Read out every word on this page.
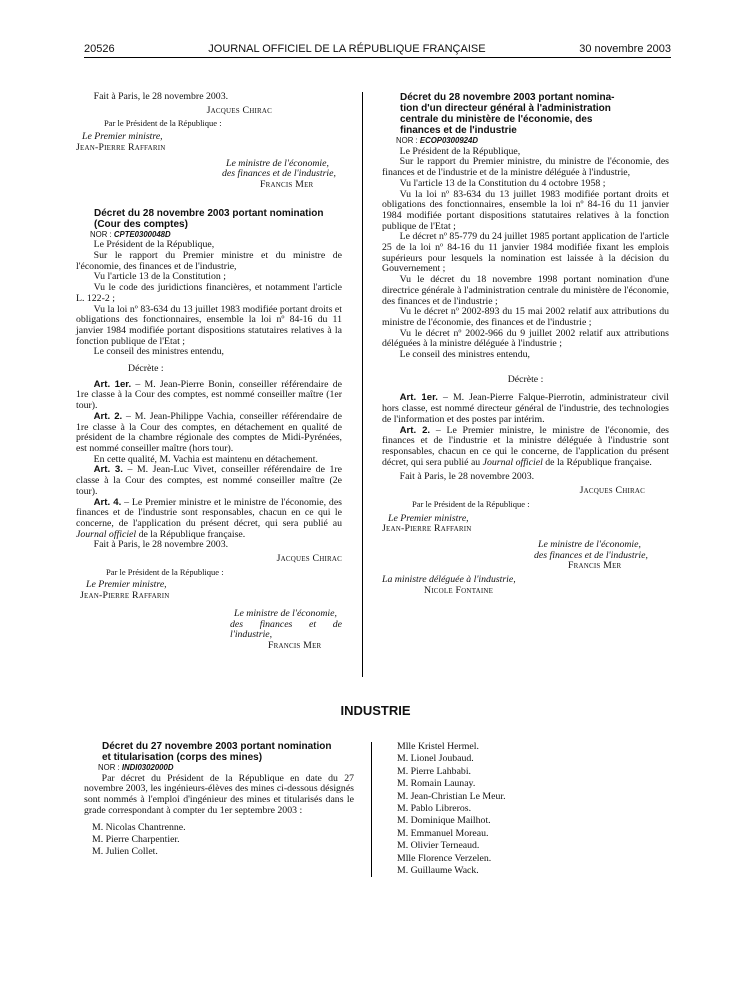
20526	JOURNAL OFFICIEL DE LA RÉPUBLIQUE FRANÇAISE	30 novembre 2003

Fait à Paris, le 28 novembre 2003.

Jacques Chirac

Par le Président de la République :

Le Premier ministre,

Jean-Pierre Raffarin

Le ministre de l'économie,

des finances et de l'industrie,

Francis Mer

Décret du 28 novembre 2003 portant nomination

(Cour des comptes)

NOR : CPTE0300048D

Le Président de la République,

Sur le rapport du Premier ministre et du ministre de l'économie, des finances et de l'industrie,

Vu l'article 13 de la Constitution ;

Vu le code des juridictions financières, et notamment l'article L. 122-2 ;

Vu la loi nº 83-634 du 13 juillet 1983 modifiée portant droits et obligations des fonctionnaires, ensemble la loi nº 84-16 du 11 janvier 1984 modifiée portant dispositions statutaires relatives à la fonction publique de l'Etat ;

Le conseil des ministres entendu,

Décrète :

Art. 1er. – M. Jean-Pierre Bonin, conseiller référendaire de 1re classe à la Cour des comptes, est nommé conseiller maître (1er tour).

Art. 2. – M. Jean-Philippe Vachia, conseiller référendaire de 1re classe à la Cour des comptes, en détachement en qualité de président de la chambre régionale des comptes de Midi-Pyrénées, est nommé conseiller maître (hors tour).

En cette qualité, M. Vachia est maintenu en détachement.

Art. 3. – M. Jean-Luc Vivet, conseiller référendaire de 1re classe à la Cour des comptes, est nommé conseiller maître (2e tour).

Art. 4. – Le Premier ministre et le ministre de l'économie, des finances et de l'industrie sont responsables, chacun en ce qui le concerne, de l'application du présent décret, qui sera publié au Journal officiel de la République française.

Fait à Paris, le 28 novembre 2003.

Jacques Chirac

Par le Président de la République :

Le Premier ministre,

Jean-Pierre Raffarin

Le ministre de l'économie,

des finances et de l'industrie,

Francis Mer

Décret du 28 novembre 2003 portant nomina-

tion d'un directeur général à l'administration

centrale du ministère de l'économie, des

finances et de l'industrie

NOR : ECOP0300924D

Le Président de la République,

Sur le rapport du Premier ministre, du ministre de l'économie, des finances et de l'industrie et de la ministre déléguée à l'industrie,

Vu l'article 13 de la Constitution du 4 octobre 1958 ;

Vu la loi nº 83-634 du 13 juillet 1983 modifiée portant droits et obligations des fonctionnaires, ensemble la loi nº 84-16 du 11 janvier 1984 modifiée portant dispositions statutaires relatives à la fonction publique de l'Etat ;

Le décret nº 85-779 du 24 juillet 1985 portant application de l'article 25 de la loi nº 84-16 du 11 janvier 1984 modifiée fixant les emplois supérieurs pour lesquels la nomination est laissée à la décision du Gouvernement ;

Vu le décret du 18 novembre 1998 portant nomination d'une directrice générale à l'administration centrale du ministère de l'économie, des finances et de l'industrie ;

Vu le décret nº 2002-893 du 15 mai 2002 relatif aux attributions du ministre de l'économie, des finances et de l'industrie ;

Vu le décret nº 2002-966 du 9 juillet 2002 relatif aux attributions déléguées à la ministre déléguée à l'industrie ;

Le conseil des ministres entendu,

Décrète :

Art. 1er. – M. Jean-Pierre Falque-Pierrotin, administrateur civil hors classe, est nommé directeur général de l'industrie, des technologies de l'information et des postes par intérim.

Art. 2. – Le Premier ministre, le ministre de l'économie, des finances et de l'industrie et la ministre déléguée à l'industrie sont responsables, chacun en ce qui le concerne, de l'application du présent décret, qui sera publié au Journal officiel de la République française.

Fait à Paris, le 28 novembre 2003.

Jacques Chirac

Par le Président de la République :

Le Premier ministre,

Jean-Pierre Raffarin

Le ministre de l'économie,

des finances et de l'industrie,

Francis Mer

La ministre déléguée à l'industrie,

Nicole Fontaine

INDUSTRIE

Décret du 27 novembre 2003 portant nomination

et titularisation (corps des mines)

NOR : INDI0302000D

Par décret du Président de la République en date du 27 novembre 2003, les ingénieurs-élèves des mines ci-dessous désignés sont nommés à l'emploi d'ingénieur des mines et titularisés dans le grade correspondant à compter du 1er septembre 2003 :

M. Nicolas Chantrenne.
M. Pierre Charpentier.
M. Julien Collet.
Mlle Kristel Hermel.
M. Lionel Joubaud.
M. Pierre Lahbabi.
M. Romain Launay.
M. Jean-Christian Le Meur.
M. Pablo Libreros.
M. Dominique Mailhot.
M. Emmanuel Moreau.
M. Olivier Terneaud.
Mlle Florence Verzelen.
M. Guillaume Wack.
